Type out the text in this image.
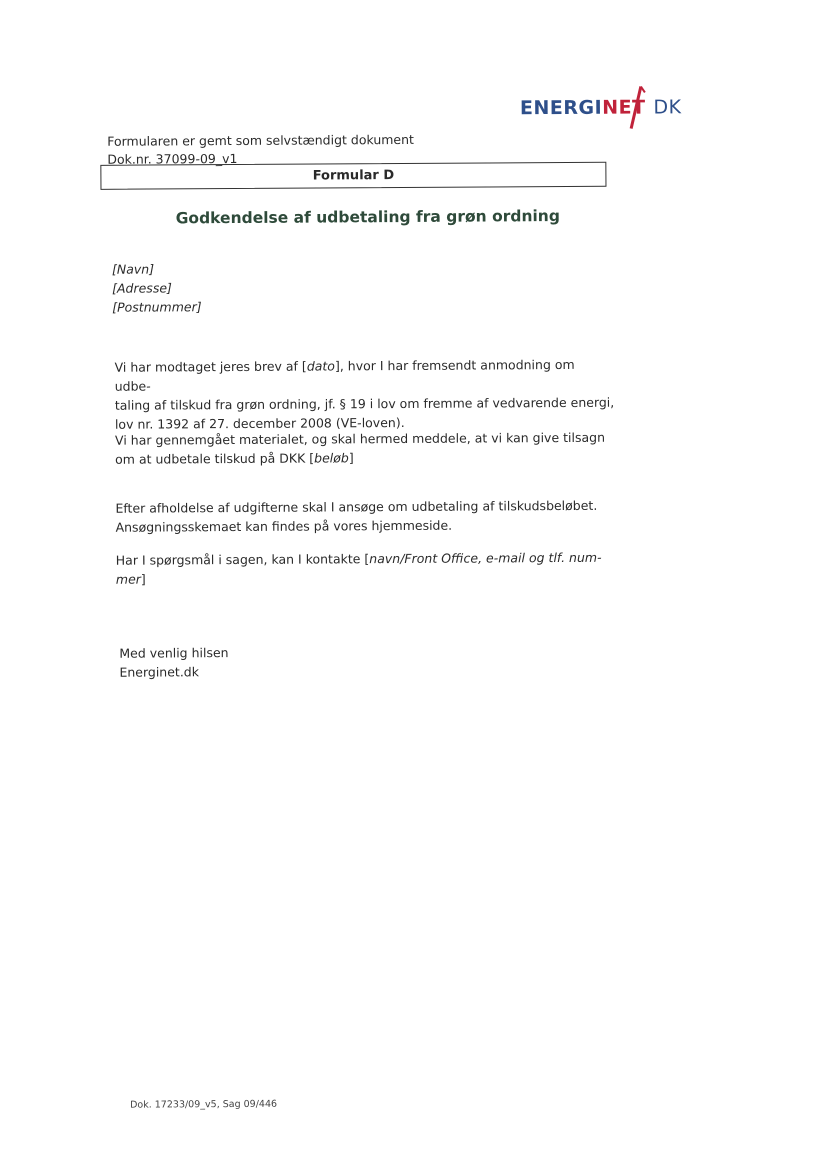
ENERGINET DK
Formularen er gemt som selvstændigt dokument
Dok.nr. 37099-09_v1
Formular D
Godkendelse af udbetaling fra grøn ordning
[Navn]
[Adresse]
[Postnummer]
Vi har modtaget jeres brev af [dato], hvor I har fremsendt anmodning om udbe-
taling af tilskud fra grøn ordning, jf. § 19 i lov om fremme af vedvarende energi,
lov nr. 1392 af 27. december 2008 (VE-loven).
Vi har gennemgået materialet, og skal hermed meddele, at vi kan give tilsagn
om at udbetale tilskud på DKK [beløb]
Efter afholdelse af udgifterne skal I ansøge om udbetaling af tilskudsbeløbet.
Ansøgningsskemaet kan findes på vores hjemmeside.
Har I spørgsmål i sagen, kan I kontakte [navn/Front Office, e-mail og tlf. num-
mer]
Med venlig hilsen
Energinet.dk
Dok. 17233/09_v5, Sag 09/446
